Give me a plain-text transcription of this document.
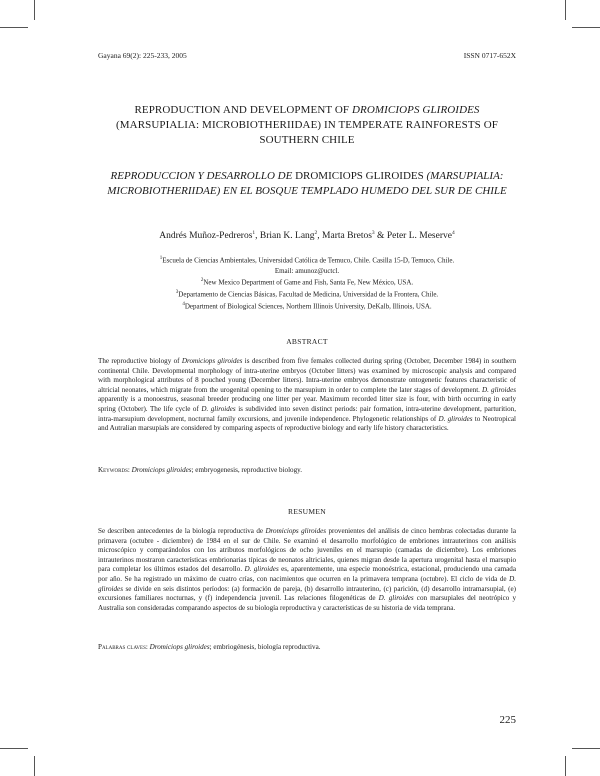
Gayana 69(2): 225-233, 2005	ISSN 0717-652X
REPRODUCTION AND DEVELOPMENT OF DROMICIOPS GLIROIDES (MARSUPIALIA: MICROBIOTHERIIDAE) IN TEMPERATE RAINFORESTS OF SOUTHERN CHILE
REPRODUCCION Y DESARROLLO DE DROMICIOPS GLIROIDES (MARSUPIALIA: MICROBIOTHERIIDAE) EN EL BOSQUE TEMPLADO HUMEDO DEL SUR DE CHILE
Andrés Muñoz-Pedreros$^1$, Brian K. Lang$^2$, Marta Bretos$^3$ & Peter L. Meserve$^4$
$^1$Escuela de Ciencias Ambientales, Universidad Católica de Temuco, Chile. Casilla 15-D, Temuco, Chile.
Email: amunoz@uctcl.
$^2$New Mexico Department of Game and Fish, Santa Fe, New México, USA.
$^3$Departamento de Ciencias Básicas, Facultad de Medicina, Universidad de la Frontera, Chile.
$^4$Department of Biological Sciences, Northern Illinois University, DeKalb, Illinois, USA.
ABSTRACT
The reproductive biology of Dromiciops gliroides is described from five females collected during spring (October, December 1984) in southern continental Chile. Developmental morphology of intra-uterine embryos (October litters) was examined by microscopic analysis and compared with morphological attributes of 8 pouched young (December litters). Intra-uterine embryos demonstrate ontogenetic features characteristic of altricial neonates, which migrate from the urogenital opening to the marsupium in order to complete the later stages of development. D. gliroides apparently is a monoestrus, seasonal breeder producing one litter per year. Maximum recorded litter size is four, with birth occurring in early spring (October). The life cycle of D. gliroides is subdivided into seven distinct periods: pair formation, intra-uterine development, parturition, intra-marsupium development, nocturnal family excursions, and juvenile independence. Phylogenetic relationships of D. gliroides to Neotropical and Autralian marsupials are considered by comparing aspects of reproductive biology and early life history characteristics.
Keywords: Dromiciops gliroides; embryogenesis, reproductive biology.
RESUMEN
Se describen antecedentes de la biología reproductiva de Dromiciops gliroides provenientes del análisis de cinco hembras colectadas durante la primavera (octubre - diciembre) de 1984 en el sur de Chile. Se examinó el desarrollo morfológico de embriones intrauterinos con análisis microscópico y comparándolos con los atributos morfológicos de ocho juveniles en el marsupio (camadas de diciembre). Los embriones intrauterinos mostraron características embrionarias típicas de neonatos altriciales, quienes migran desde la apertura urogenital hasta el marsupio para completar los últimos estados del desarrollo. D. gliroides es, aparentemente, una especie monoéstrica, estacional, produciendo una camada por año. Se ha registrado un máximo de cuatro crías, con nacimientos que ocurren en la primavera temprana (octubre). El ciclo de vida de D. gliroides se divide en seis distintos períodos: (a) formación de pareja, (b) desarrollo intrauterino, (c) parición, (d) desarrollo intramarsupial, (e) excursiones familiares nocturnas, y (f) independencia juvenil. Las relaciones filogenéticas de D. gliroides con marsupiales del neotrópico y Australia son consideradas comparando aspectos de su biología reproductiva y características de su historia de vida temprana.
Palabras claves: Dromiciops gliroides; embriogénesis, biología reproductiva.
225
